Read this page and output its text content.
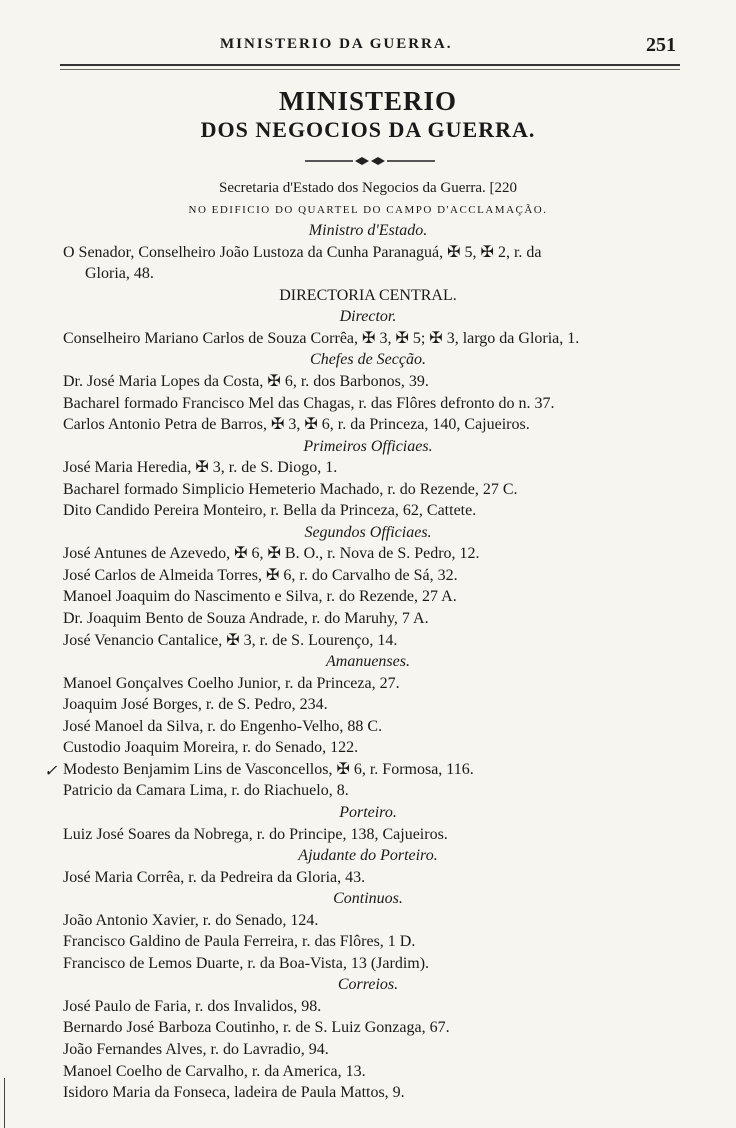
MINISTERIO DA GUERRA.	251
MINISTERIO
DOS NEGOCIOS DA GUERRA.
Secretaria d'Estado dos Negocios da Guerra. [220
NO EDIFICIO DO QUARTEL DO CAMPO D'ACCLAMAÇÃO.
Ministro d'Estado.
O Senador, Conselheiro João Lustoza da Cunha Paranaguá, ✠ 5, ✠ 2, r. da
Gloria, 48.
DIRECTORIA CENTRAL.
Director.
Conselheiro Mariano Carlos de Souza Corrêa, ✠ 3, ✠ 5; ✠ 3, largo da Gloria, 1.
Chefes de Secção.
Dr. José Maria Lopes da Costa, ✠ 6, r. dos Barbonos, 39.
Bacharel formado Francisco Mel das Chagas, r. das Flôres defronto do n. 37.
Carlos Antonio Petra de Barros, ✠ 3, ✠ 6, r. da Princeza, 140, Cajueiros.
Primeiros Officiaes.
José Maria Heredia, ✠ 3, r. de S. Diogo, 1.
Bacharel formado Simplicio Hemeterio Machado, r. do Rezende, 27 C.
Dito Candido Pereira Monteiro, r. Bella da Princeza, 62, Cattete.
Segundos Officiaes.
José Antunes de Azevedo, ✠ 6, ✠ B. O., r. Nova de S. Pedro, 12.
José Carlos de Almeida Torres, ✠ 6, r. do Carvalho de Sá, 32.
Manoel Joaquim do Nascimento e Silva, r. do Rezende, 27 A.
Dr. Joaquim Bento de Souza Andrade, r. do Maruhy, 7 A.
José Venancio Cantalice, ✠ 3, r. de S. Lourenço, 14.
Amanuenses.
Manoel Gonçalves Coelho Junior, r. da Princeza, 27.
Joaquim José Borges, r. de S. Pedro, 234.
José Manoel da Silva, r. do Engenho-Velho, 88 C.
Custodio Joaquim Moreira, r. do Senado, 122.
Modesto Benjamim Lins de Vasconcellos, ✠ 6, r. Formosa, 116.
Patricio da Camara Lima, r. do Riachuelo, 8.
Porteiro.
Luiz José Soares da Nobrega, r. do Principe, 138, Cajueiros.
Ajudante do Porteiro.
José Maria Corrêa, r. da Pedreira da Gloria, 43.
Continuos.
João Antonio Xavier, r. do Senado, 124.
Francisco Galdino de Paula Ferreira, r. das Flôres, 1 D.
Francisco de Lemos Duarte, r. da Boa-Vista, 13 (Jardim).
Correios.
José Paulo de Faria, r. dos Invalidos, 98.
Bernardo José Barboza Coutinho, r. de S. Luiz Gonzaga, 67.
João Fernandes Alves, r. do Lavradio, 94.
Manoel Coelho de Carvalho, r. da America, 13.
Isidoro Maria da Fonseca, ladeira de Paula Mattos, 9.
✓
